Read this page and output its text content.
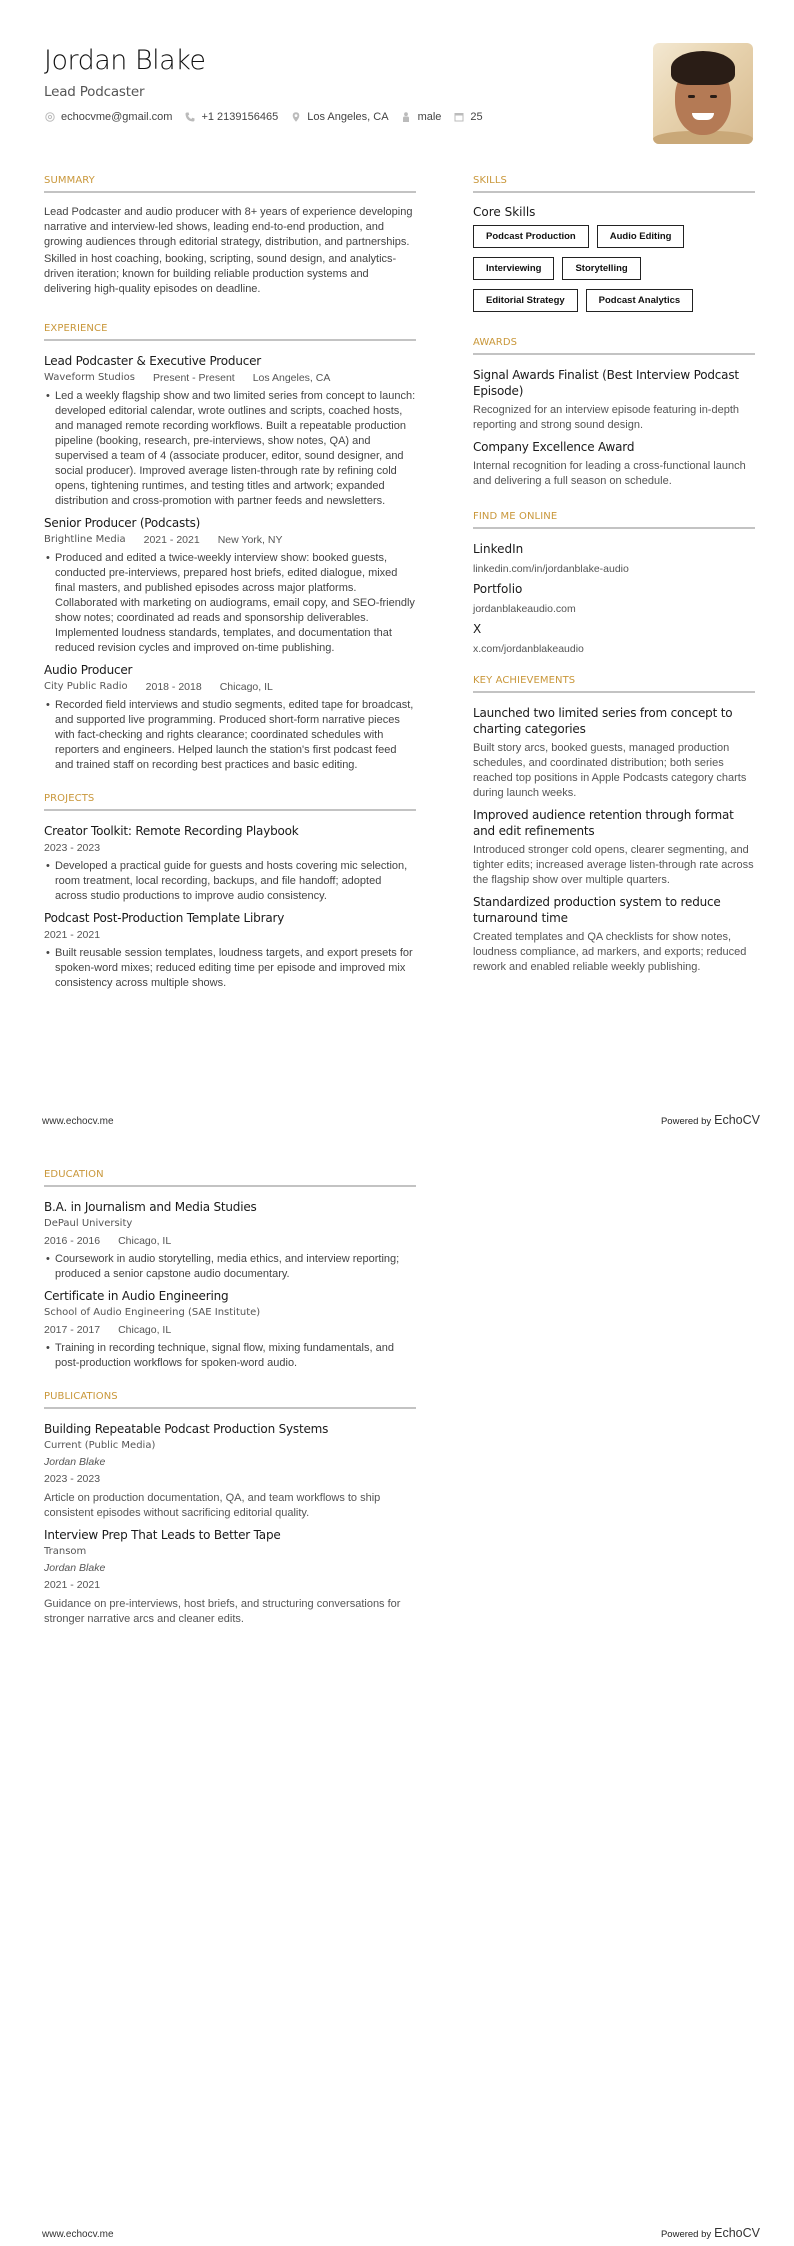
Jordan Blake
Lead Podcaster
echocvme@gmail.com	+1 2139156465	Los Angeles, CA	male	25
SUMMARY

Lead Podcaster and audio producer with 8+ years of experience developing narrative and interview-led shows, leading end-to-end production, and growing audiences through editorial strategy, distribution, and partnerships.

Skilled in host coaching, booking, scripting, sound design, and analytics-driven iteration; known for building reliable production systems and delivering high-quality episodes on deadline.

EXPERIENCE
Lead Podcaster & Executive Producer
Waveform Studios Present - Present Los Angeles, CA
• Led a weekly flagship show and two limited series from concept to launch: developed editorial calendar, wrote outlines and scripts, coached hosts, and managed remote recording workflows. Built a repeatable production pipeline (booking, research, pre-interviews, show notes, QA) and supervised a team of 4 (associate producer, editor, sound designer, and social producer). Improved average listen-through rate by refining cold opens, tightening runtimes, and testing titles and artwork; expanded distribution and cross-promotion with partner feeds and newsletters.
Senior Producer (Podcasts)
Brightline Media 2021 - 2021 New York, NY
• Produced and edited a twice-weekly interview show: booked guests, conducted pre-interviews, prepared host briefs, edited dialogue, mixed final masters, and published episodes across major platforms. Collaborated with marketing on audiograms, email copy, and SEO-friendly show notes; coordinated ad reads and sponsorship deliverables. Implemented loudness standards, templates, and documentation that reduced revision cycles and improved on-time publishing.
Audio Producer
City Public Radio 2018 - 2018 Chicago, IL
• Recorded field interviews and studio segments, edited tape for broadcast, and supported live programming. Produced short-form narrative pieces with fact-checking and rights clearance; coordinated schedules with reporters and engineers. Helped launch the station's first podcast feed and trained staff on recording best practices and basic editing.
PROJECTS
Creator Toolkit: Remote Recording Playbook
2023 - 2023
• Developed a practical guide for guests and hosts covering mic selection, room treatment, local recording, backups, and file handoff; adopted across studio productions to improve audio consistency.
Podcast Post-Production Template Library
2021 - 2021
• Built reusable session templates, loudness targets, and export presets for spoken-word mixes; reduced editing time per episode and improved mix consistency across multiple shows.
SKILLS
Core Skills
Podcast Production	Audio Editing
Interviewing	Storytelling
Editorial Strategy	Podcast Analytics
AWARDS
Signal Awards Finalist (Best Interview Podcast Episode)
Recognized for an interview episode featuring in-depth reporting and strong sound design.
Company Excellence Award
Internal recognition for leading a cross-functional launch and delivering a full season on schedule.
FIND ME ONLINE
LinkedIn
linkedin.com/in/jordanblake-audio
Portfolio
jordanblakeaudio.com
X
x.com/jordanblakeaudio
KEY ACHIEVEMENTS
Launched two limited series from concept to charting categories
Built story arcs, booked guests, managed production schedules, and coordinated distribution; both series reached top positions in Apple Podcasts category charts during launch weeks.
Improved audience retention through format and edit refinements
Introduced stronger cold opens, clearer segmenting, and tighter edits; increased average listen-through rate across the flagship show over multiple quarters.
Standardized production system to reduce turnaround time
Created templates and QA checklists for show notes, loudness compliance, ad markers, and exports; reduced rework and enabled reliable weekly publishing.
www.echocv.me	Powered by EchoCV
EDUCATION
B.A. in Journalism and Media Studies
DePaul University
2016 - 2016 Chicago, IL
• Coursework in audio storytelling, media ethics, and interview reporting; produced a senior capstone audio documentary.
Certificate in Audio Engineering
School of Audio Engineering (SAE Institute)
2017 - 2017 Chicago, IL
• Training in recording technique, signal flow, mixing fundamentals, and post-production workflows for spoken-word audio.
PUBLICATIONS
Building Repeatable Podcast Production Systems
Current (Public Media)
Jordan Blake
2023 - 2023
Article on production documentation, QA, and team workflows to ship consistent episodes without sacrificing editorial quality.
Interview Prep That Leads to Better Tape
Transom
Jordan Blake
2021 - 2021
Guidance on pre-interviews, host briefs, and structuring conversations for stronger narrative arcs and cleaner edits.
www.echocv.me	Powered by EchoCV
